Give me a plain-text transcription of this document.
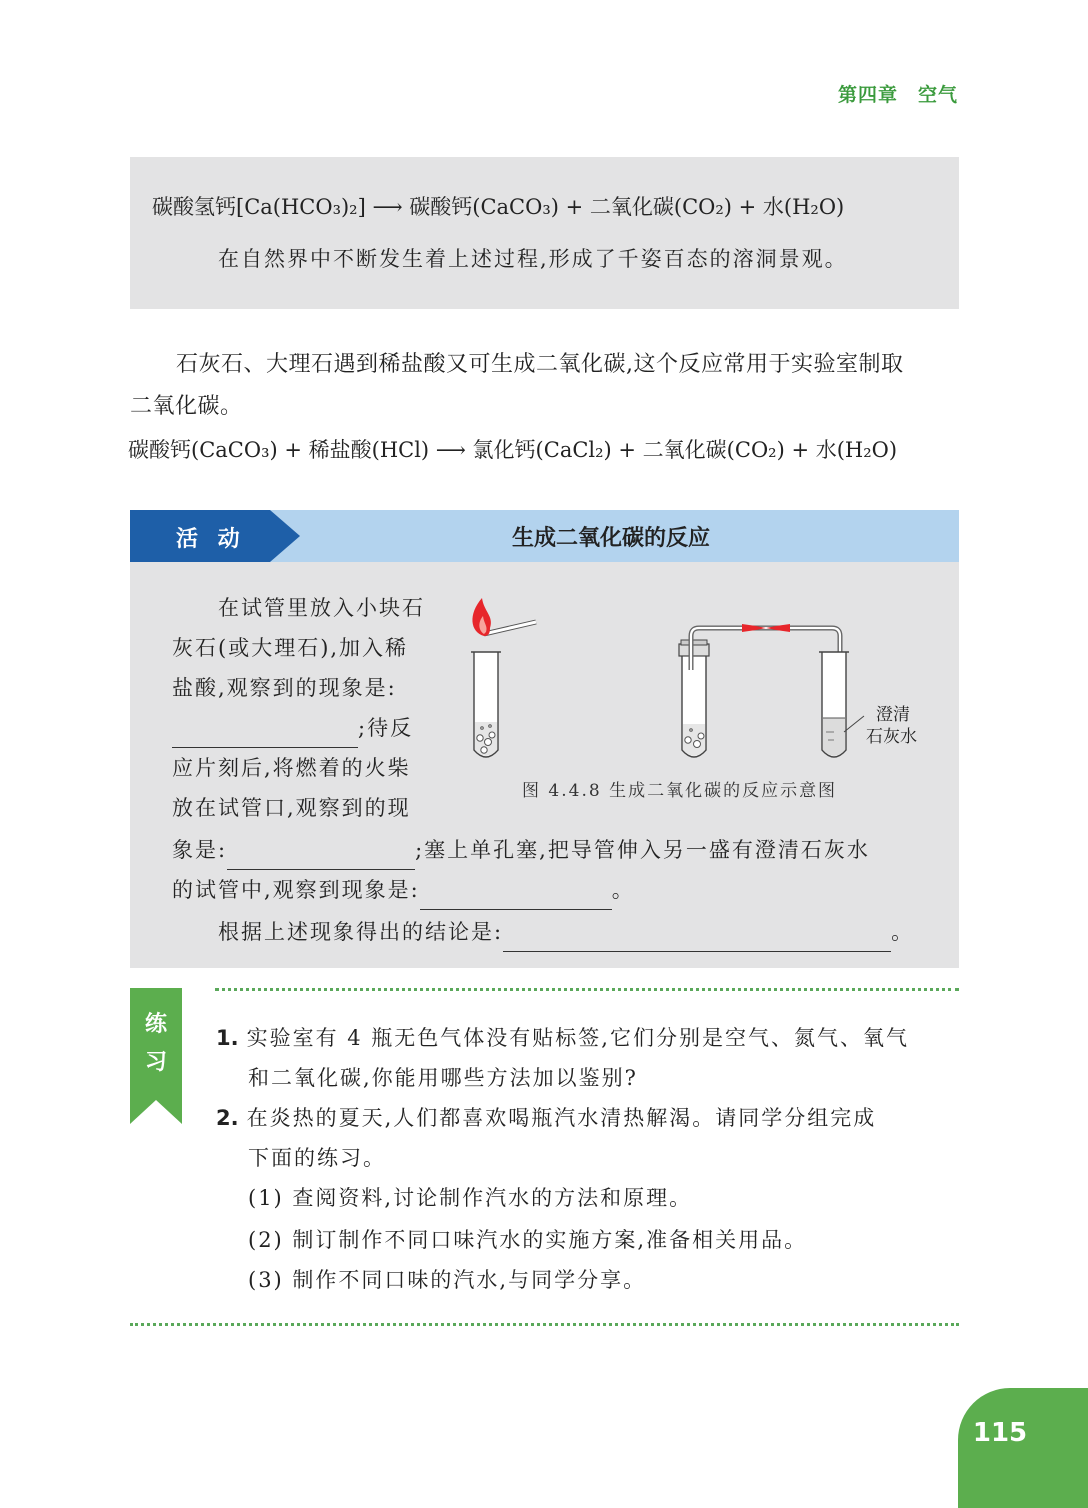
第四章 空气
碳酸氢钙[Ca(HCO₃)₂] ⟶ 碳酸钙(CaCO₃) + 二氧化碳(CO₂) + 水(H₂O)
在自然界中不断发生着上述过程,形成了千姿百态的溶洞景观。
石灰石、大理石遇到稀盐酸又可生成二氧化碳,这个反应常用于实验室制取
二氧化碳。
碳酸钙(CaCO₃) + 稀盐酸(HCl) ⟶ 氯化钙(CaCl₂) + 二氧化碳(CO₂) + 水(H₂O)
活 动	生成二氧化碳的反应
在试管里放入小块石
灰石(或大理石),加入稀
盐酸,观察到的现象是:
;待反
应片刻后,将燃着的火柴
放在试管口,观察到的现
象是:	;塞上单孔塞,把导管伸入另一盛有澄清石灰水
的试管中,观察到现象是:	。
根据上述现象得出的结论是:	。
澄清
石灰水
图 4.4.8 生成二氧化碳的反应示意图
练习
1. 实验室有 4 瓶无色气体没有贴标签,它们分别是空气、氮气、氧气
和二氧化碳,你能用哪些方法加以鉴别?
2. 在炎热的夏天,人们都喜欢喝瓶汽水清热解渴。请同学分组完成
下面的练习。
(1) 查阅资料,讨论制作汽水的方法和原理。
(2) 制订制作不同口味汽水的实施方案,准备相关用品。
(3) 制作不同口味的汽水,与同学分享。
115
